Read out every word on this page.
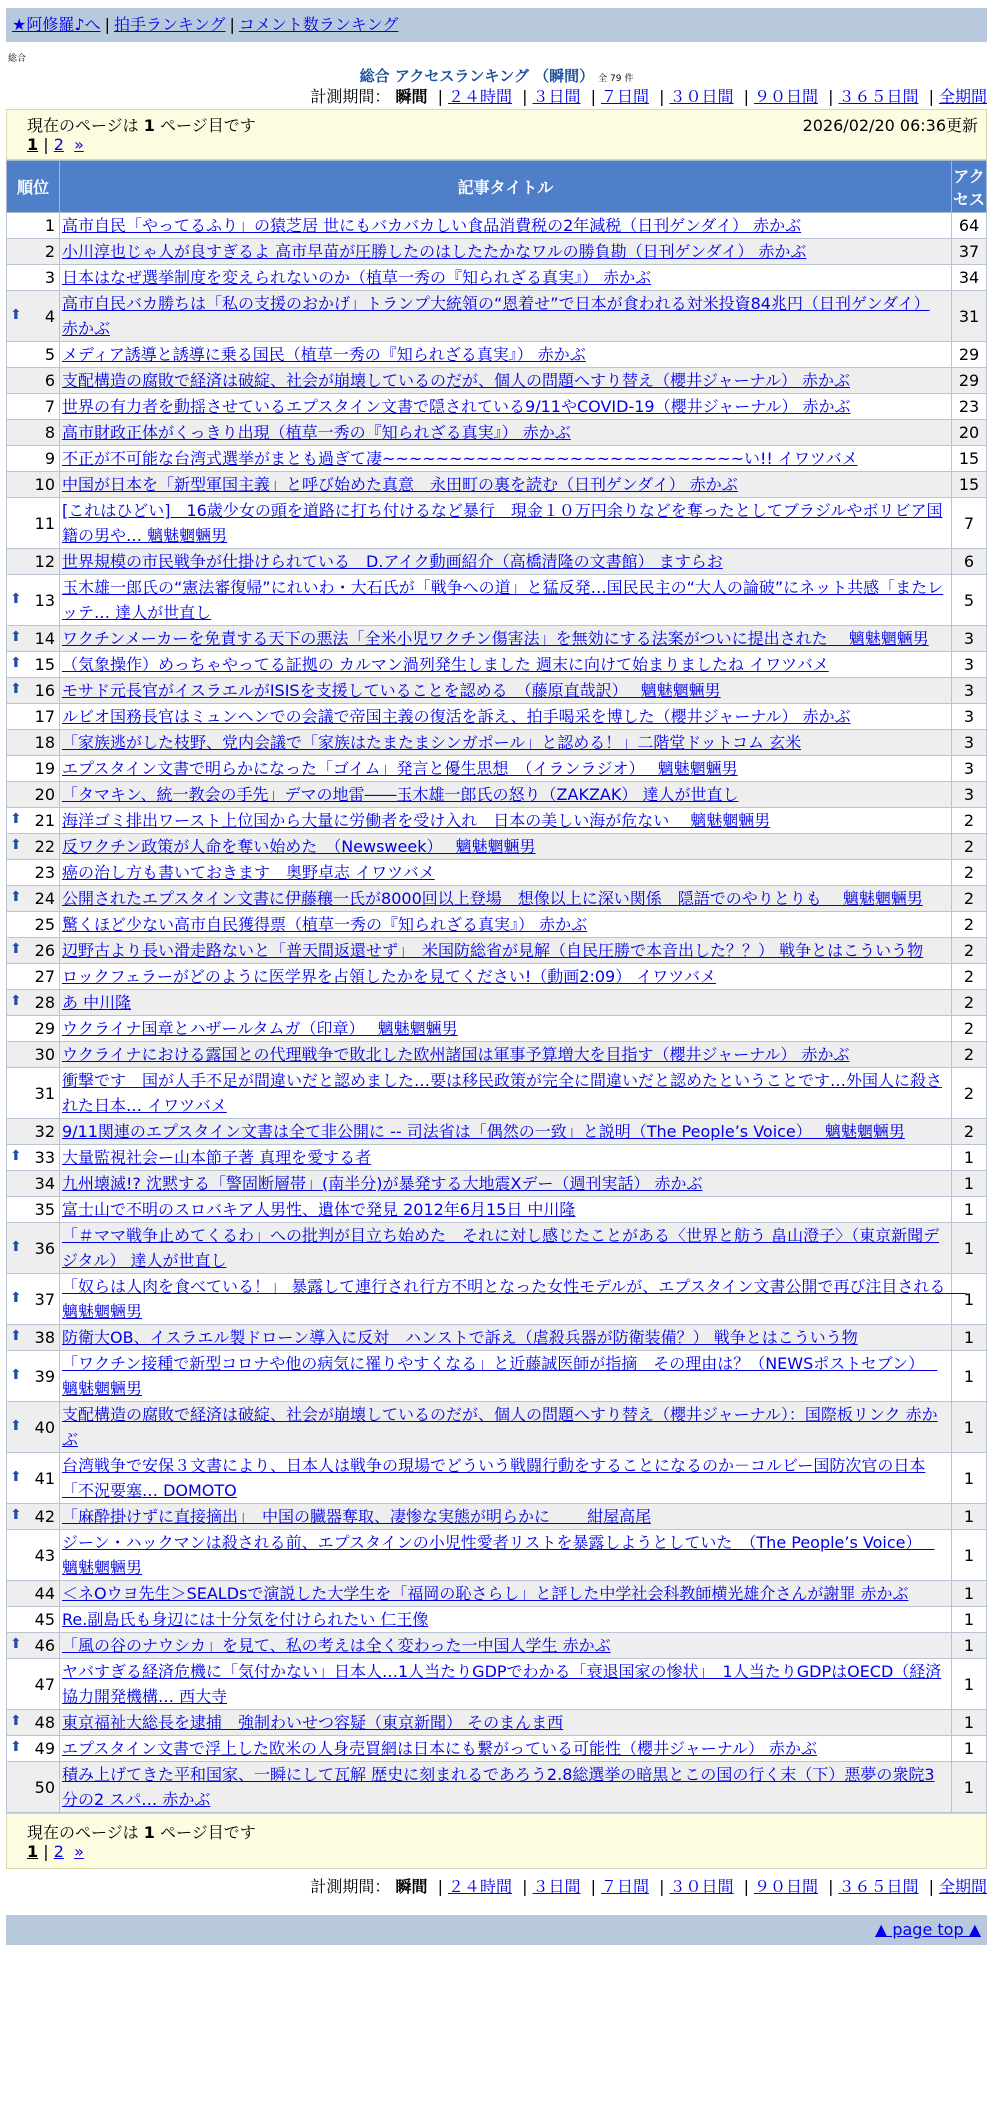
★阿修羅♪へ | 拍手ランキング | コメント数ランキング
総合
総合 アクセスランキング （瞬間） 全 79 件
計測期間： 瞬間 | ２４時間 | ３日間 | ７日間 | ３０日間 | ９０日間 | ３６５日間 | 全期間
現在のページは 1 ページ目です	2026/02/20 06:36更新
1 | 2 »
順位	記事タイトル	アクセス
1	高市自民「やってるふり」の猿芝居 世にもバカバカしい食品消費税の2年減税（日刊ゲンダイ） 赤かぶ	64
2	小川淳也じゃ人が良すぎるよ 高市早苗が圧勝したのはしたたかなワルの勝負勘（日刊ゲンダイ） 赤かぶ	37
3	日本はなぜ選挙制度を変えられないのか（植草一秀の『知られざる真実』） 赤かぶ	34

⬆ 4	高市自民バカ勝ちは「私の支援のおかげ」トランプ大統領の“恩着せ”で日本が食われる対米投資84兆円（日刊ゲンダイ） 赤かぶ	31
5	メディア誘導と誘導に乗る国民（植草一秀の『知られざる真実』） 赤かぶ	29
6	支配構造の腐敗で経済は破綻、社会が崩壊しているのだが、個人の問題へすり替え（櫻井ジャーナル） 赤かぶ	29
7	世界の有力者を動揺させているエプスタイン文書で隠されている9/11やCOVID-19（櫻井ジャーナル） 赤かぶ	23
8	高市財政正体がくっきり出現（植草一秀の『知られざる真実』） 赤かぶ	20
9	不正が不可能な台湾式選挙がまとも過ぎて凄~~~~~~~~~~~~~~~~~~~~~~~~~~~い!! イワツバメ	15
10	中国が日本を「新型軍国主義」と呼び始めた真意　永田町の裏を読む（日刊ゲンダイ） 赤かぶ	15
11	[これはひどい]　16歳少女の頭を道路に打ち付けるなど暴行　現金１０万円余りなどを奪ったとしてブラジルやボリビア国籍の男や… 魑魅魍魎男	7
12	世界規模の市民戦争が仕掛けられている　D.アイク動画紹介（高橋清隆の文書館） ますらお	6

⬆ 13	玉木雄一郎氏の“憲法審復帰”にれいわ・大石氏が「戦争への道」と猛反発…国民民主の“大人の論破”にネット共感「またレッテ… 達人が世直し	5

⬆ 14	ワクチンメーカーを免責する天下の悪法「全米小児ワクチン傷害法」を無効にする法案がついに提出された　 魑魅魍魎男	3

⬆ 15	（気象操作）めっちゃやってる証拠の カルマン渦列発生しました 週末に向けて始まりましたね イワツバメ	3

⬆ 16	モサド元長官がイスラエルがISISを支援していることを認める　（藤原直哉訳）　 魑魅魍魎男	3
17	ルビオ国務長官はミュンヘンでの会議で帝国主義の復活を訴え、拍手喝采を博した（櫻井ジャーナル） 赤かぶ	3
18	「家族逃がした枝野、党内会議で「家族はたまたまシンガポール」と認める！」二階堂ドットコム 玄米	3
19	エプスタイン文書で明らかになった「ゴイム」発言と優生思想　（イランラジオ）　 魑魅魍魎男	3
20	「タマキン、統一教会の手先」デマの地雷――玉木雄一郎氏の怒り（ZAKZAK） 達人が世直し	3

⬆ 21	海洋ゴミ排出ワースト上位国から大量に労働者を受け入れ　日本の美しい海が危ない　 魑魅魍魎男	2

⬆ 22	反ワクチン政策が人命を奪い始めた　（Newsweek）　 魑魅魍魎男	2
23	癌の治し方も書いておきます　奥野卓志 イワツバメ	2

⬆ 24	公開されたエプスタイン文書に伊藤穰一氏が8000回以上登場　想像以上に深い関係　隠語でのやりとりも　 魑魅魍魎男	2
25	驚くほど少ない高市自民獲得票（植草一秀の『知られざる真実』） 赤かぶ	2

⬆ 26	辺野古より長い滑走路ないと「普天間返還せず」　米国防総省が見解（自民圧勝で本音出した？？） 戦争とはこういう物	2
27	ロックフェラーがどのように医学界を占領したかを見てください!（動画2:09） イワツバメ	2

⬆ 28	あ 中川隆	2
29	ウクライナ国章とハザールタムガ（印章）　 魑魅魍魎男	2
30	ウクライナにおける露国との代理戦争で敗北した欧州諸国は軍事予算増大を目指す（櫻井ジャーナル） 赤かぶ	2
31	衝撃です　国が人手不足が間違いだと認めました…要は移民政策が完全に間違いだと認めたということです…外国人に殺された日本… イワツバメ	2
32	9/11関連のエプスタイン文書は全て非公開に -- 司法省は「偶然の一致」と説明（The People’s Voice）　 魑魅魍魎男	2

⬆ 33	大量監視社会ー山本節子著 真理を愛する者	1
34	九州壊滅!? 沈黙する「警固断層帯」(南半分)が暴発する大地震Xデー（週刊実話） 赤かぶ	1
35	富士山で不明のスロバキア人男性、遺体で発見 2012年6月15日 中川隆	1

⬆ 36	「＃ママ戦争止めてくるわ」への批判が目立ち始めた　それに対し感じたことがある〈世界と舫う 畠山澄子〉（東京新聞デジタル） 達人が世直し	1

⬆ 37	「奴らは人肉を食べている！」 暴露して連行され行方不明となった女性モデルが、エプスタイン文書公開で再び注目される　 魑魅魍魎男	1

⬆ 38	防衛大OB、イスラエル製ドローン導入に反対　ハンストで訴え（虐殺兵器が防衛装備？） 戦争とはこういう物	1

⬆ 39	「ワクチン接種で新型コロナや他の病気に罹りやすくなる」と近藤誠医師が指摘　その理由は？（NEWSポストセブン）　 魑魅魍魎男	1

⬆ 40	支配構造の腐敗で経済は破綻、社会が崩壊しているのだが、個人の問題へすり替え（櫻井ジャーナル）：国際板リンク 赤かぶ	1

⬆ 41	台湾戦争で安保３文書により、日本人は戦争の現場でどういう戦闘行動をすることになるのか－コルビー国防次官の日本「不況要塞… DOMOTO	1

⬆ 42	「麻酔掛けずに直接摘出」　中国の臓器奪取、凄惨な実態が明らかに　　 紺屋高尾	1
43	ジーン・ハックマンは殺される前、エプスタインの小児性愛者リストを暴露しようとしていた　（The People’s Voice）　 魑魅魍魎男	1
44	＜ネOウヨ先生＞SEALDsで演説した大学生を「福岡の恥さらし」と評した中学社会科教師横光雄介さんが謝罪 赤かぶ	1
45	Re.副島氏も身辺には十分気を付けられたい 仁王像	1

⬆ 46	「風の谷のナウシカ」を見て、私の考えは全く変わった一中国人学生 赤かぶ	1
47	ヤバすぎる経済危機に「気付かない」日本人…1人当たりGDPでわかる「衰退国家の惨状」　1人当たりGDPはOECD（経済協力開発機構… 西大寺	1

⬆ 48	東京福祉大総長を逮捕　強制わいせつ容疑（東京新聞） そのまんま西	1

⬆ 49	エプスタイン文書で浮上した欧米の人身売買網は日本にも繋がっている可能性（櫻井ジャーナル） 赤かぶ	1
50	積み上げてきた平和国家、一瞬にして瓦解 歴史に刻まれるであろう2.8総選挙の暗黒とこの国の行く末（下）悪夢の衆院3分の2 スパ… 赤かぶ	1
現在のページは 1 ページ目です
1 | 2 »
計測期間： 瞬間 | ２４時間 | ３日間 | ７日間 | ３０日間 | ９０日間 | ３６５日間 | 全期間
▲ page top ▲
